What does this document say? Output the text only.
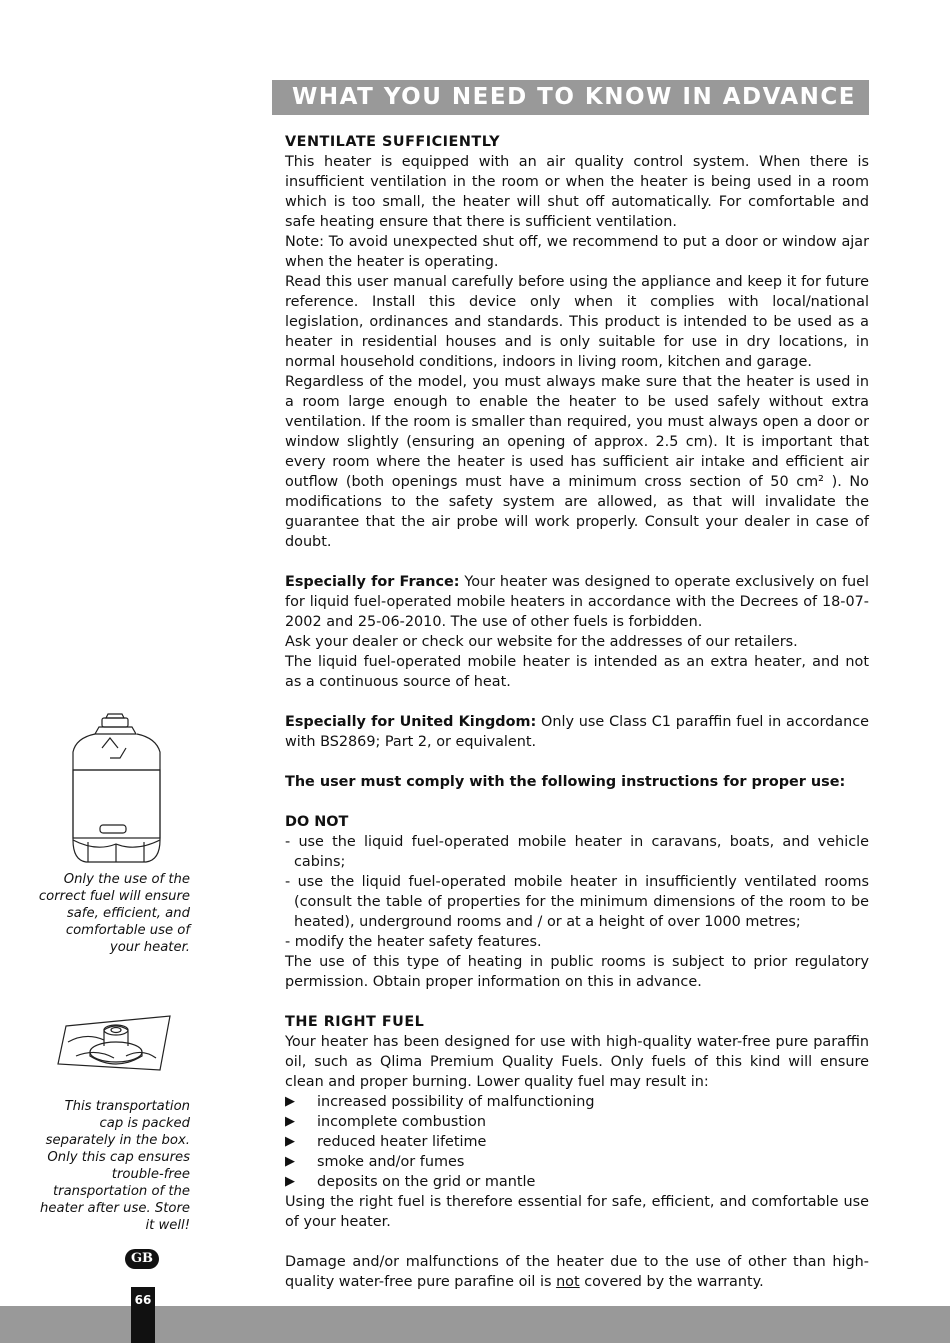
WHAT YOU NEED TO KNOW IN ADVANCE

VENTILATE SUFFICIENTLY

This heater is equipped with an air quality control system. When there is insufficient ventilation in the room or when the heater is being used in a room which is too small, the heater will shut off automatically. For comfortable and safe heating ensure that there is sufficient ventilation.

Note: To avoid unexpected shut off, we recommend to put a door or window ajar when the heater is operating.

Read this user manual carefully before using the appliance and keep it for future reference. Install this device only when it complies with local/national legislation, ordinances and standards. This product is intended to be used as a heater in residential houses and is only suitable for use in dry locations, in normal household conditions, indoors in living room, kitchen and garage.

Regardless of the model, you must always make sure that the heater is used in a room large enough to enable the heater to be used safely without extra ventilation. If the room is smaller than required, you must always open a door or window slightly (ensuring an opening of approx. 2.5 cm). It is important that every room where the heater is used has sufficient air intake and efficient air outflow (both openings must have a minimum cross section of 50 cm² ). No modifications to the safety system are allowed, as that will invalidate the guarantee that the air probe will work properly. Consult your dealer in case of doubt.

Especially for France: Your heater was designed to operate exclusively on fuel for liquid fuel-operated mobile heaters in accordance with the Decrees of 18-07-2002 and 25-06-2010. The use of other fuels is forbidden.

Ask your dealer or check our website for the addresses of our retailers.

The liquid fuel-operated mobile heater is intended as an extra heater, and not as a continuous source of heat.

Especially for United Kingdom: Only use Class C1 paraffin fuel in accordance with BS2869; Part 2, or equivalent.

The user must comply with the following instructions for proper use:

DO NOT

- use the liquid fuel-operated mobile heater in caravans, boats, and vehicle cabins;
- use the liquid fuel-operated mobile heater in insufficiently ventilated rooms (consult the table of properties for the minimum dimensions of the room to be heated), underground rooms and / or at a height of over 1000 metres;
- modify the heater safety features.

The use of this type of heating in public rooms is subject to prior regulatory permission. Obtain proper information on this in advance.

THE RIGHT FUEL

Your heater has been designed for use with high-quality water-free pure paraffin oil, such as Qlima Premium Quality Fuels. Only fuels of this kind will ensure clean and proper burning. Lower quality fuel may result in:

▶ increased possibility of malfunctioning
▶ incomplete combustion
▶ reduced heater lifetime
▶ smoke and/or fumes
▶ deposits on the grid or mantle

Using the right fuel is therefore essential for safe, efficient, and comfortable use of your heater.

Damage and/or malfunctions of the heater due to the use of other than high-quality water-free pure parafine oil is not covered by the warranty.

Only the use of the correct fuel will ensure safe, efficient, and comfortable use of your heater.
This transportation cap is packed separately in the box. Only this cap ensures trouble-free transportation of the heater after use. Store it well!
GB
66
